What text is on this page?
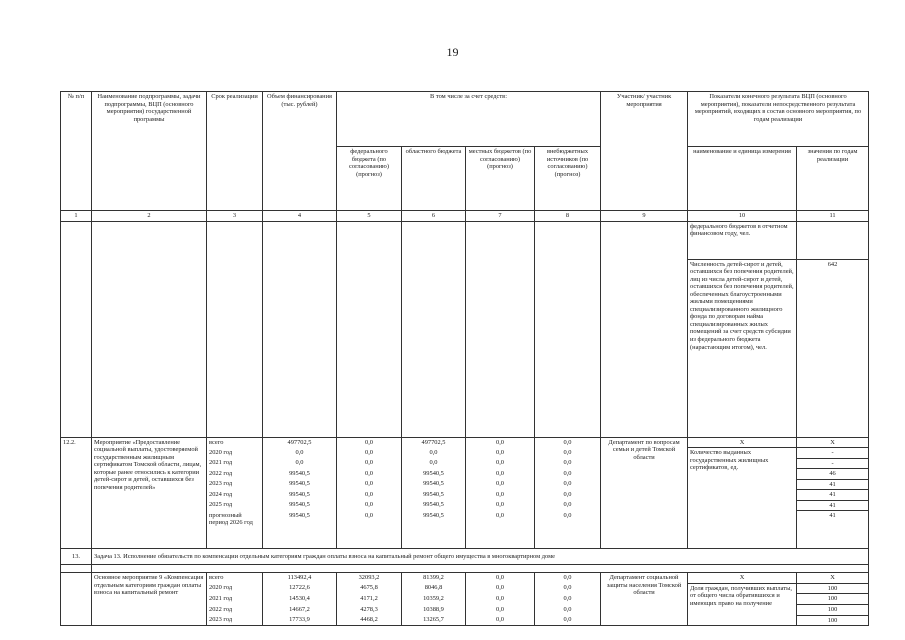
19
№ п/п	Наименование подпрограммы, задачи подпрограммы, ВЦП (основного мероприятия) государственной программы	Срок реализации	Объем финансирования (тыс. рублей)	В том числе за счет средств:				Участник/ участник мероприятия	Показатели конечного результата ВЦП (основного мероприятия), показатели непосредственного результата мероприятий, входящих в состав основного мероприятия, по годам реализации	
				федерального бюджета (по согласованию) (прогноз)	областного бюджета	местных бюджетов (по согласованию) (прогноз)	внебюджетных источников (по согласованию) (прогноз)		наименование и единица измерения	значения по годам реализации
1	2	3	4	5	6	7	8	9	10	11
									федерального бюджетов в отчетном финансовом году, чел.	
									Численность детей-сирот и детей, оставшихся без попечения родителей, лиц из числа детей-сирот и детей, оставшихся без попечения родителей, обеспеченных благоустроенными жилыми помещениями специализированного жилищного фонда по договорам найма специализированных жилых помещений за счет средств субсидии из федерального бюджета (нарастающим итогом), чел.	642
12.2.	Мероприятие «Предоставление социальной выплаты, удостоверяемой государственным жилищным сертификатом Томской области, лицам, которые ранее относились к категории детей-сирот и детей, оставшихся без попечения родителей»	всего	497702,5	0,0	497702,5	0,0	0,0	Департамент по вопросам семьи и детей Томской области	X	X
		2020 год	0,0	0,0	0,0	0,0	0,0		Количество выданных государственных жилищных сертификатов, ед.	-
		2021 год	0,0	0,0	0,0	0,0	0,0			-
		2022 год	99540,5	0,0	99540,5	0,0	0,0			46
		2023 год	99540,5	0,0	99540,5	0,0	0,0			41
		2024 год	99540,5	0,0	99540,5	0,0	0,0			41
		2025 год	99540,5	0,0	99540,5	0,0	0,0			41
		прогнозный период 2026 год	99540,5	0,0	99540,5	0,0	0,0			41
13.	Задача 13. Исполнение обязательств по компенсации отдельным категориям граждан оплаты взноса на капитальный ремонт общего имущества в многоквартирном доме									

	Основное мероприятие 9 «Компенсация отдельным категориям граждан оплаты взноса на капитальный ремонт	всего	113492,4	32093,2	81399,2	0,0	0,0	Департамент социальной защиты населения Томской области	X	X
		2020 год	12722,6	4675,8	8046,8	0,0	0,0		Доля граждан, получивших выплаты, от общего числа обратившихся и имеющих право на получение	100
		2021 год	14530,4	4171,2	10359,2	0,0	0,0			100
		2022 год	14667,2	4278,3	10388,9	0,0	0,0			100
		2023 год	17733,9	4468,2	13265,7	0,0	0,0			100
